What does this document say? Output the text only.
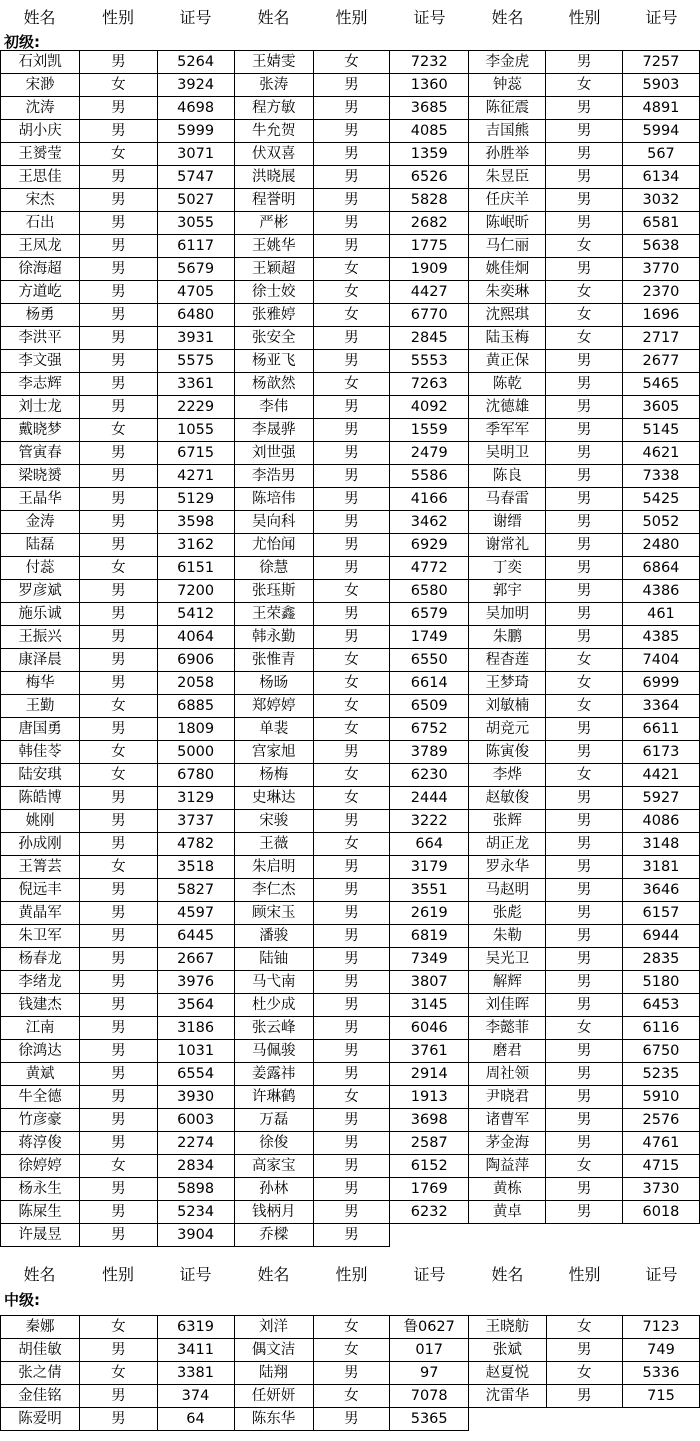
姓名	性别	证号	姓名	性别	证号	姓名	性别	证号
初级:
石刘凯	男	5264	王婧雯	女	7232	李金虎	男	7257
宋渺	女	3924	张涛	男	1360	钟蕊	女	5903
沈涛	男	4698	程方敏	男	3685	陈征震	男	4891
胡小庆	男	5999	牛允贺	男	4085	吉国熊	男	5994
王赟莹	女	3071	伏双喜	男	1359	孙胜举	男	567
王思佳	男	5747	洪晓展	男	6526	朱昱臣	男	6134
宋杰	男	5027	程誉明	男	5828	任庆羊	男	3032
石出	男	3055	严彬	男	2682	陈岷昕	男	6581
王凤龙	男	6117	王姚华	男	1775	马仁丽	女	5638
徐海超	男	5679	王颖超	女	1909	姚佳炯	男	3770
方道屹	男	4705	徐士姣	女	4427	朱奕琳	女	2370
杨勇	男	6480	张雅婷	女	6770	沈熙琪	女	1696
李洪平	男	3931	张安全	男	2845	陆玉梅	女	2717
李文强	男	5575	杨亚飞	男	5553	黄正保	男	2677
李志辉	男	3361	杨歆然	女	7263	陈乾	男	5465
刘士龙	男	2229	李伟	男	4092	沈德雄	男	3605
戴晓梦	女	1055	李晟骅	男	1559	季军军	男	5145
管寅春	男	6715	刘世强	男	2479	吴明卫	男	4621
梁晓赟	男	4271	李浩男	男	5586	陈良	男	7338
王晶华	男	5129	陈培伟	男	4166	马春雷	男	5425
金涛	男	3598	吴向科	男	3462	谢缙	男	5052
陆磊	男	3162	尤怡闻	男	6929	谢常礼	男	2480
付蕊	女	6151	徐慧	男	4772	丁奕	男	6864
罗彦斌	男	7200	张珏斯	女	6580	郭宇	男	4386
施乐诚	男	5412	王荣鑫	男	6579	吴加明	男	461
王振兴	男	4064	韩永勤	男	1749	朱鹏	男	4385
康泽晨	男	6906	张惟青	女	6550	程杳莲	女	7404
梅华	男	2058	杨旸	女	6614	王梦琦	女	6999
王勤	女	6885	郑婷婷	女	6509	刘敏楠	女	3364
唐国勇	男	1809	单裴	女	6752	胡竞元	男	6611
韩佳苓	女	5000	宫家旭	男	3789	陈寅俊	男	6173
陆安琪	女	6780	杨梅	女	6230	李烨	女	4421
陈皓博	男	3129	史琳达	女	2444	赵敏俊	男	5927
姚刚	男	3737	宋骏	男	3222	张辉	男	4086
孙成刚	男	4782	王薇	女	664	胡正龙	男	3148
王箐芸	女	3518	朱启明	男	3179	罗永华	男	3181
倪远丰	男	5827	李仁杰	男	3551	马赵明	男	3646
黄晶军	男	4597	顾宋玉	男	2619	张彪	男	6157
朱卫军	男	6445	潘骏	男	6819	朱勒	男	6944
杨春龙	男	2667	陆铀	男	7349	吴光卫	男	2835
李绪龙	男	3976	马弋南	男	3807	解辉	男	5180
钱建杰	男	3564	杜少成	男	3145	刘佳晖	男	6453
江南	男	3186	张云峰	男	6046	李懿菲	女	6116
徐鸿达	男	1031	马佩骏	男	3761	磨君	男	6750
黄斌	男	6554	姜露祎	男	2914	周社领	男	5235
牛全德	男	3930	许琳鹤	女	1913	尹晓君	男	5910
竹彦豪	男	6003	万磊	男	3698	诸曹军	男	2576
蒋淳俊	男	2274	徐俊	男	2587	茅金海	男	4761
徐婷婷	女	2834	高家宝	男	6152	陶益萍	女	4715
杨永生	男	5898	孙林	男	1769	黄栋	男	3730
陈屎生	男	5234	钱柄月	男	6232	黄卓	男	6018
许晟昱	男	3904	乔樑	男				
姓名	性别	证号	姓名	性别	证号	姓名	性别	证号
中级:
秦娜	女	6319	刘洋	女	鲁0627	王晓舫	女	7123
胡佳敏	男	3411	偶文洁	女	017	张斌	男	749
张之倩	女	3381	陆翔	男	97	赵夏悦	女	5336
金佳铭	男	374	任妍妍	女	7078	沈雷华	男	715
陈爱明	男	64	陈东华	男	5365			
